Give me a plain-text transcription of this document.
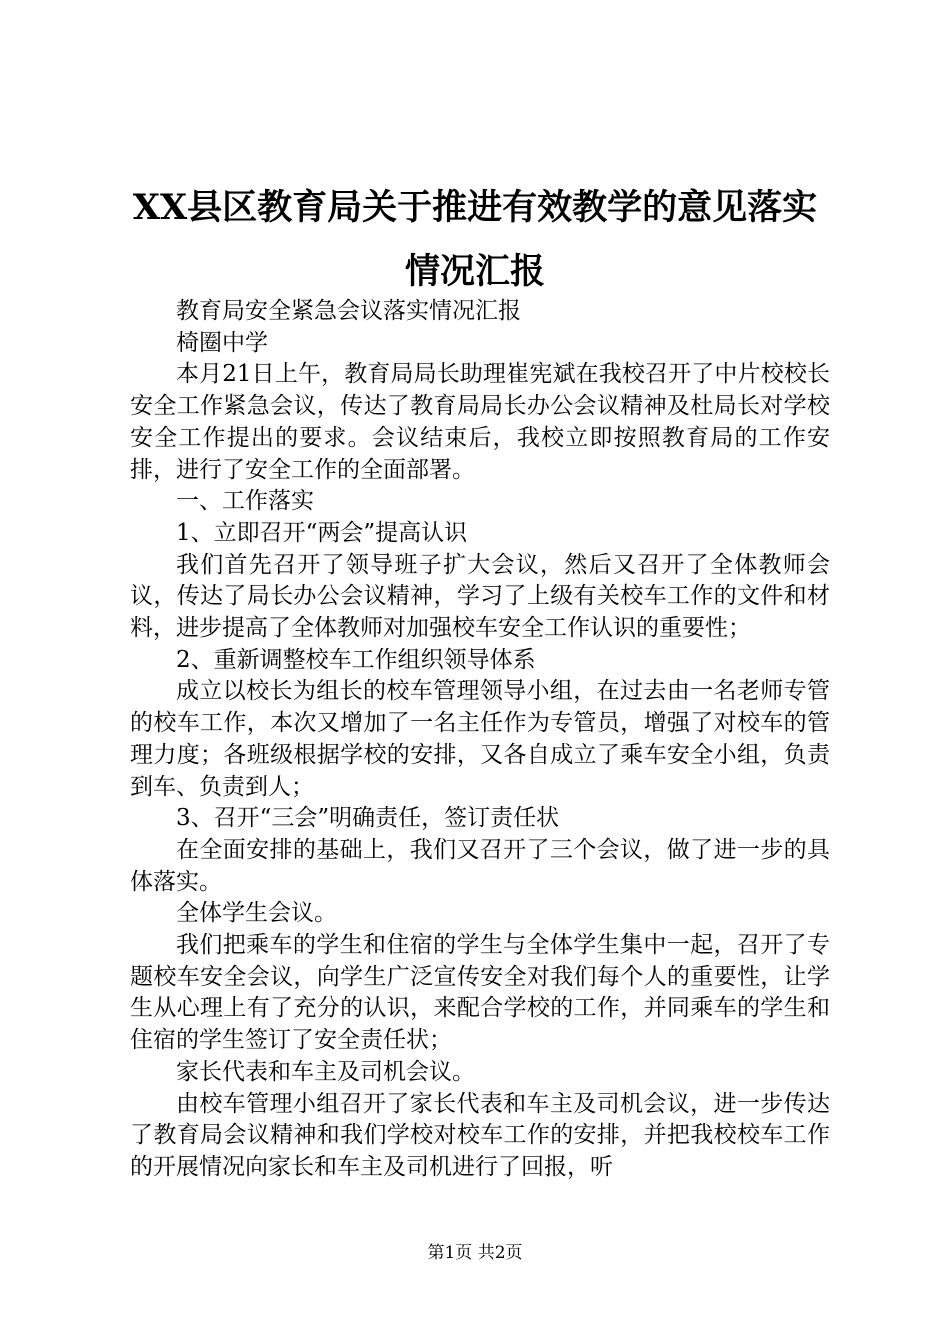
XX县区教育局关于推进有效教学的意见落实
情况汇报

教育局安全紧急会议落实情况汇报

椅圈中学

本月21日上午，教育局局长助理崔宪斌在我校召开了中片校校长安全工作紧急会议，传达了教育局局长办公会议精神及杜局长对学校安全工作提出的要求。会议结束后，我校立即按照教育局的工作安排，进行了安全工作的全面部署。

一、工作落实

1、立即召开“两会”提高认识

我们首先召开了领导班子扩大会议，然后又召开了全体教师会议，传达了局长办公会议精神，学习了上级有关校车工作的文件和材料，进步提高了全体教师对加强校车安全工作认识的重要性；

2、重新调整校车工作组织领导体系

成立以校长为组长的校车管理领导小组，在过去由一名老师专管的校车工作，本次又增加了一名主任作为专管员，增强了对校车的管理力度；各班级根据学校的安排，又各自成立了乘车安全小组，负责到车、负责到人；

3、召开“三会”明确责任，签订责任状

在全面安排的基础上，我们又召开了三个会议，做了进一步的具体落实。

全体学生会议。

我们把乘车的学生和住宿的学生与全体学生集中一起，召开了专题校车安全会议，向学生广泛宣传安全对我们每个人的重要性，让学生从心理上有了充分的认识，来配合学校的工作，并同乘车的学生和住宿的学生签订了安全责任状；

家长代表和车主及司机会议。

由校车管理小组召开了家长代表和车主及司机会议，进一步传达了教育局会议精神和我们学校对校车工作的安排，并把我校校车工作的开展情况向家长和车主及司机进行了回报，听

第1页 共2页
